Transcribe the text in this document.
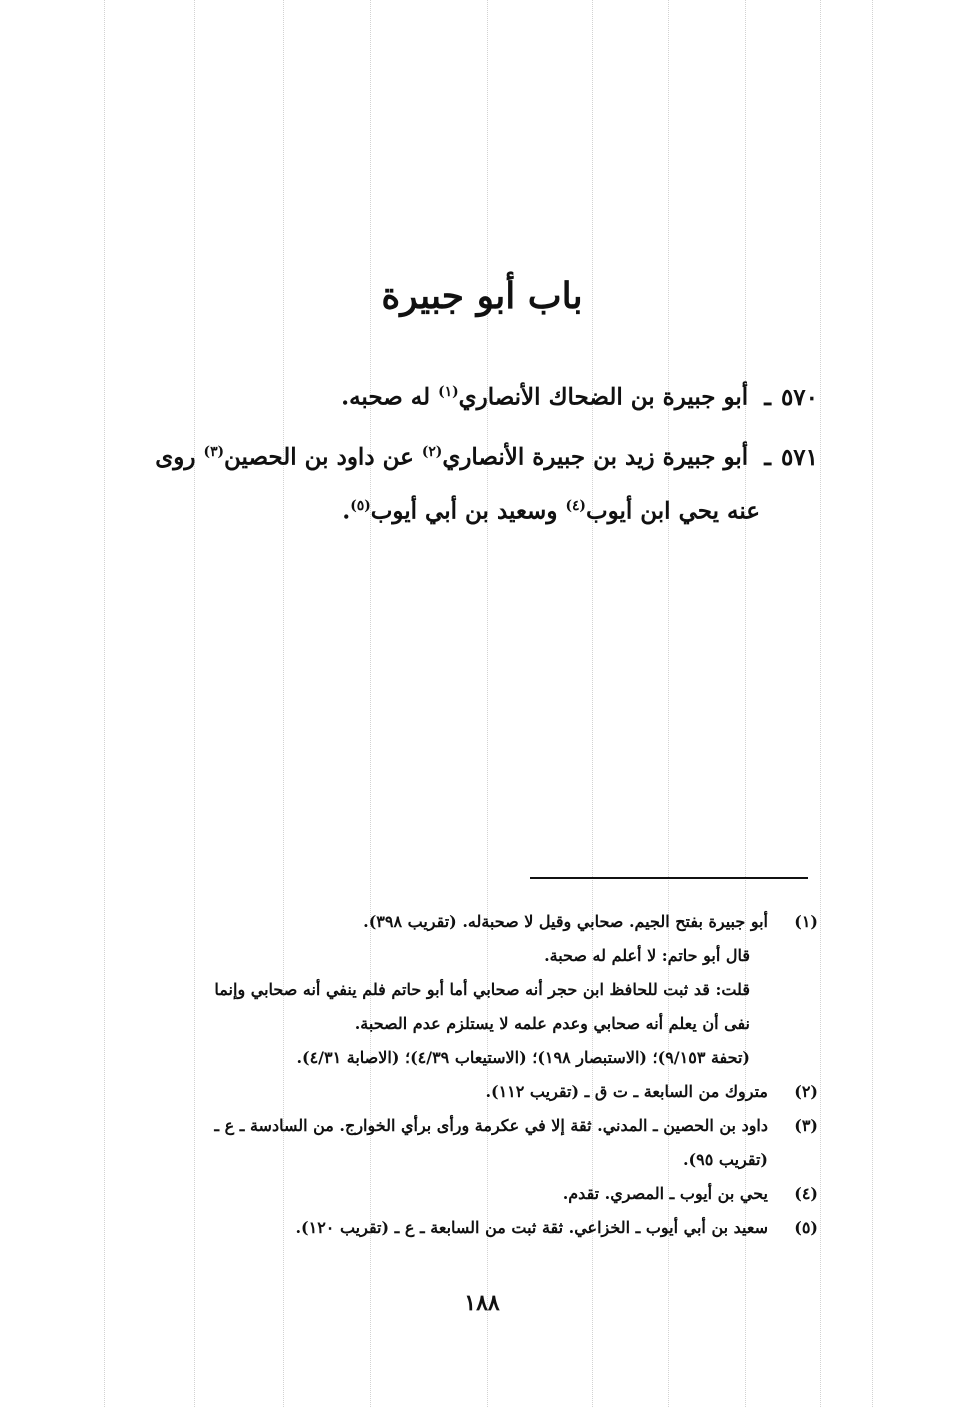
باب أبو جبيرة
٥٧٠ـ أبو جبيرة بن الضحاك الأنصاري$^{(١)}$ له صحبه.
٥٧١ـ أبو جبيرة زيد بن جبيرة الأنصاري$^{(٢)}$ عن داود بن الحصين$^{(٣)}$ روى
عنه يحي ابن أيوب$^{(٤)}$ وسعيد بن أبي أيوب$^{(٥)}$.
(١)
أبو جبيرة بفتح الجيم. صحابي وقيل لا صحبةله. (تقريب ٣٩٨).
قال أبو حاتم: لا أعلم له صحبة.
قلت: قد ثبت للحافظ ابن حجر أنه صحابي أما أبو حاتم فلم ينفي أنه صحابي وإنما
نفى أن يعلم أنه صحابي وعدم علمه لا يستلزم عدم الصحبة.
(تحفة ٩/١٥٣)؛ (الاستبصار ١٩٨)؛ (الاستيعاب ٤/٣٩)؛ (الاصابة ٤/٣١).
(٢)
متروك من السابعة ـ ت ق ـ (تقريب ١١٢).
(٣)
داود بن الحصين ـ المدني. ثقة إلا في عكرمة ورأى برأي الخوارج. من السادسة ـ ع ـ
(تقريب ٩٥).
(٤)
يحي بن أيوب ـ المصري. تقدم.
(٥)
سعيد بن أبي أيوب ـ الخزاعي. ثقة ثبت من السابعة ـ ع ـ (تقريب ١٢٠).
١٨٨
